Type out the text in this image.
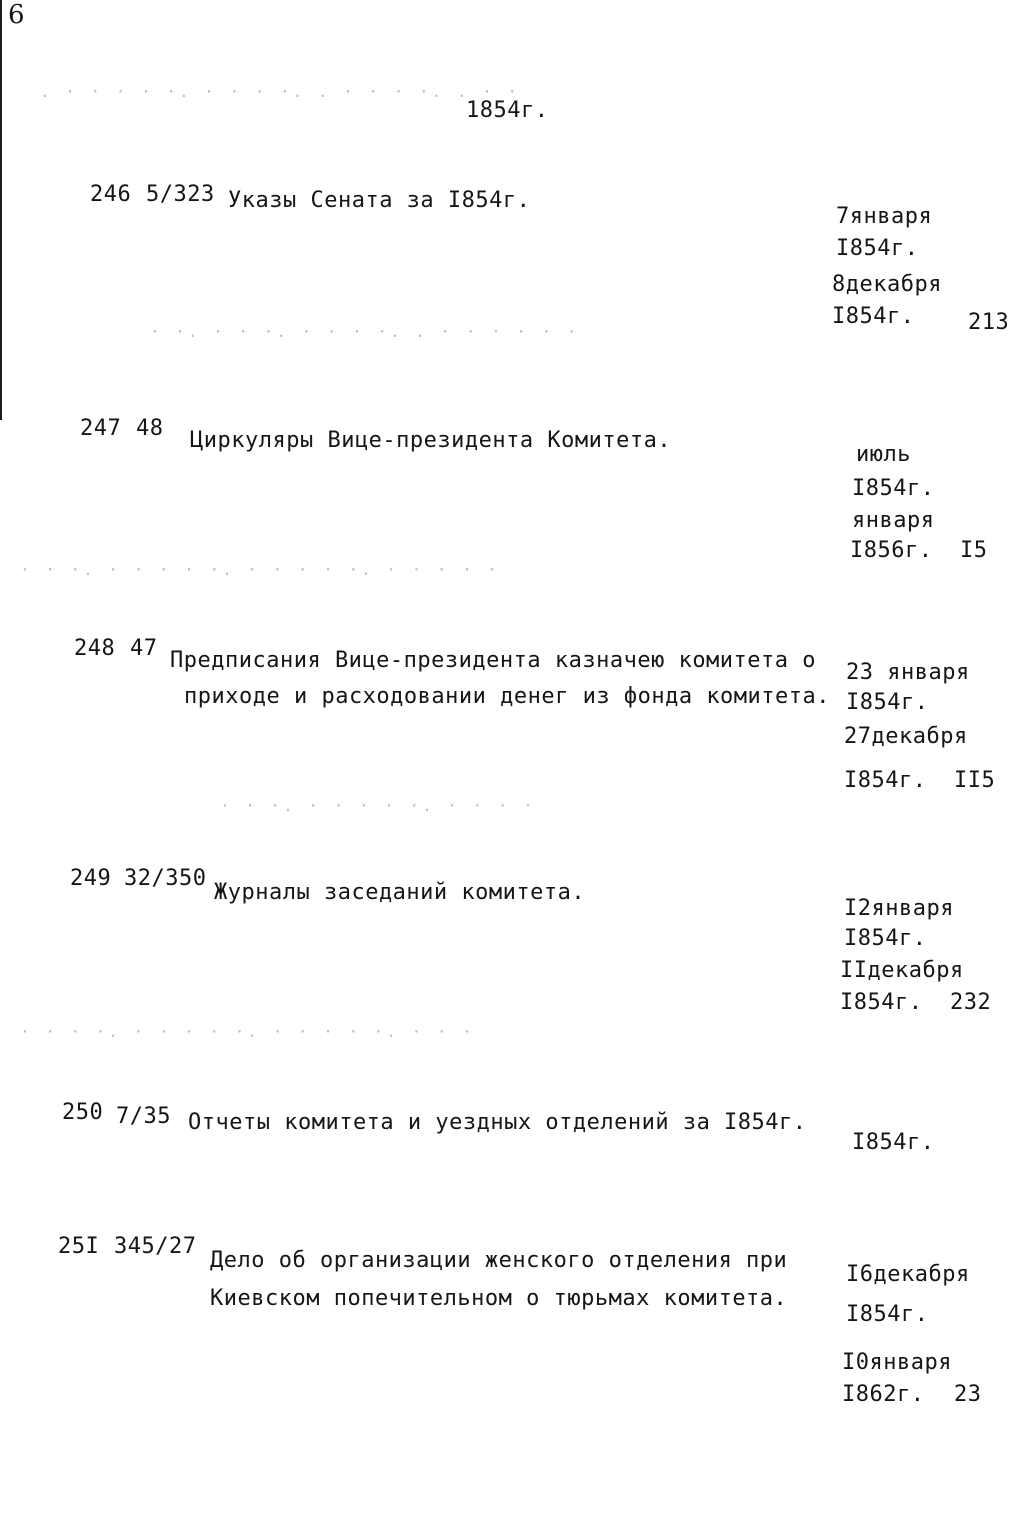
6
. · · · · ·. · · · ·. . · · · ·. . · ·
· ·. · · ·. · · · ·. . · · · · · ·
· · ·. · · · · ·. · · · · ·. · · · · ·
· · ·. · · · · ·. · · · ·
· · · ·. · · · · ·. · · · · ·. · · ·
1854г.
246 5/323 Указы Сената за I854г.
7января
I854г.
8декабря
I854г. 213
247 48 Циркуляры Вице-президента Комитета.
июль
I854г.
января
I856г. I5
248 47 Предписания Вице-президента казначею комитета о
приходе и расходовании денег из фонда комитета.
23 января
I854г.
27декабря
I854г. II5
249 32/350
Журналы заседаний комитета.
I2января
I854г.
IIдекабря
I854г. 232
250 7/35 Отчеты комитета и уездных отделений за I854г.
I854г.
25I 345/27
Дело об организации женского отделения при
Киевском попечительном о тюрьмах комитета.
I6декабря
I854г.
I0января
I862г. 23
